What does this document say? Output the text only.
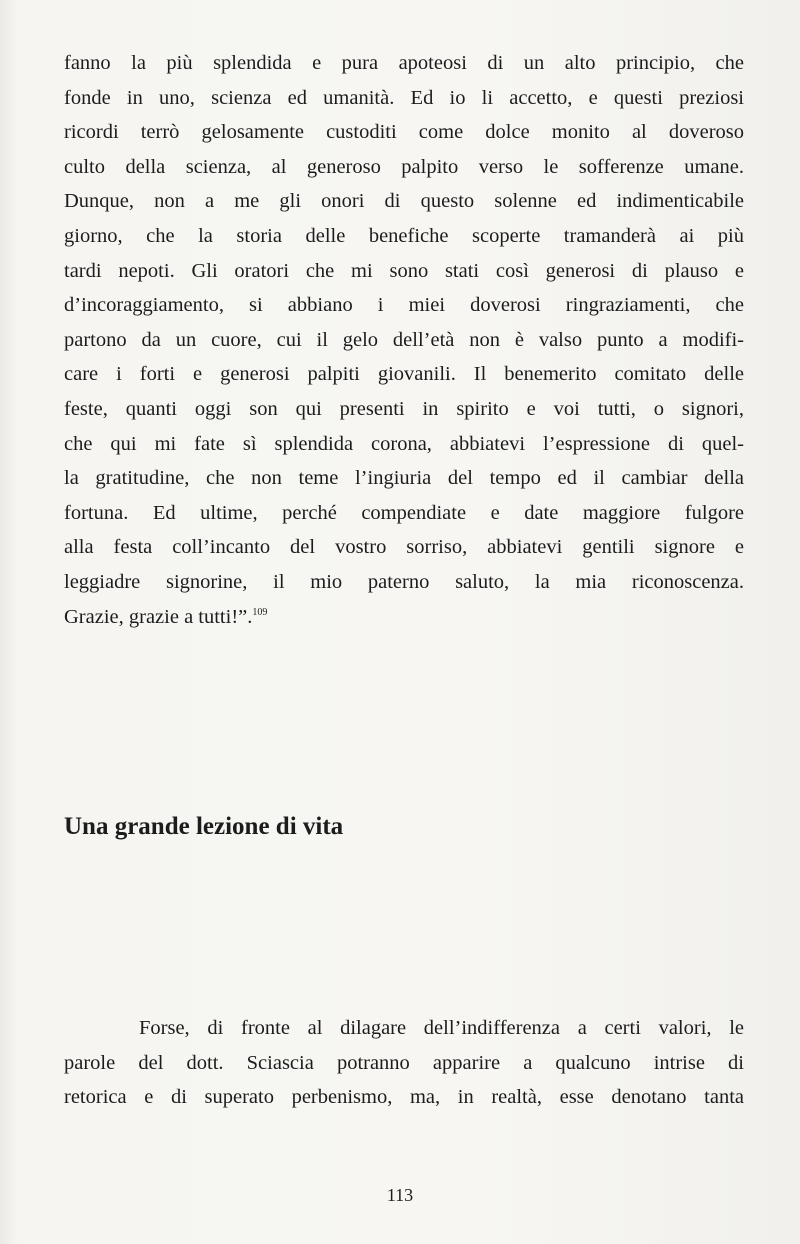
fanno la più splendida e pura apoteosi di un alto principio, che
fonde in uno, scienza ed umanità. Ed io li accetto, e questi preziosi
ricordi terrò gelosamente custoditi come dolce monito al doveroso
culto della scienza, al generoso palpito verso le sofferenze umane.
Dunque, non a me gli onori di questo solenne ed indimenticabile
giorno, che la storia delle benefiche scoperte tramanderà ai più
tardi nepoti. Gli oratori che mi sono stati così generosi di plauso e
d’incoraggiamento, si abbiano i miei doverosi ringraziamenti, che
partono da un cuore, cui il gelo dell’età non è valso punto a modifi-
care i forti e generosi palpiti giovanili. Il benemerito comitato delle
feste, quanti oggi son qui presenti in spirito e voi tutti, o signori,
che qui mi fate sì splendida corona, abbiatevi l’espressione di quel-
la gratitudine, che non teme l’ingiuria del tempo ed il cambiar della
fortuna. Ed ultime, perché compendiate e date maggiore fulgore
alla festa coll’incanto del vostro sorriso, abbiatevi gentili signore e
leggiadre signorine, il mio paterno saluto, la mia riconoscenza.
Grazie, grazie a tutti!”.$^{109}$
Una grande lezione di vita
Forse, di fronte al dilagare dell’indifferenza a certi valori, le
parole del dott. Sciascia potranno apparire a qualcuno intrise di
retorica e di superato perbenismo, ma, in realtà, esse denotano tanta
113
